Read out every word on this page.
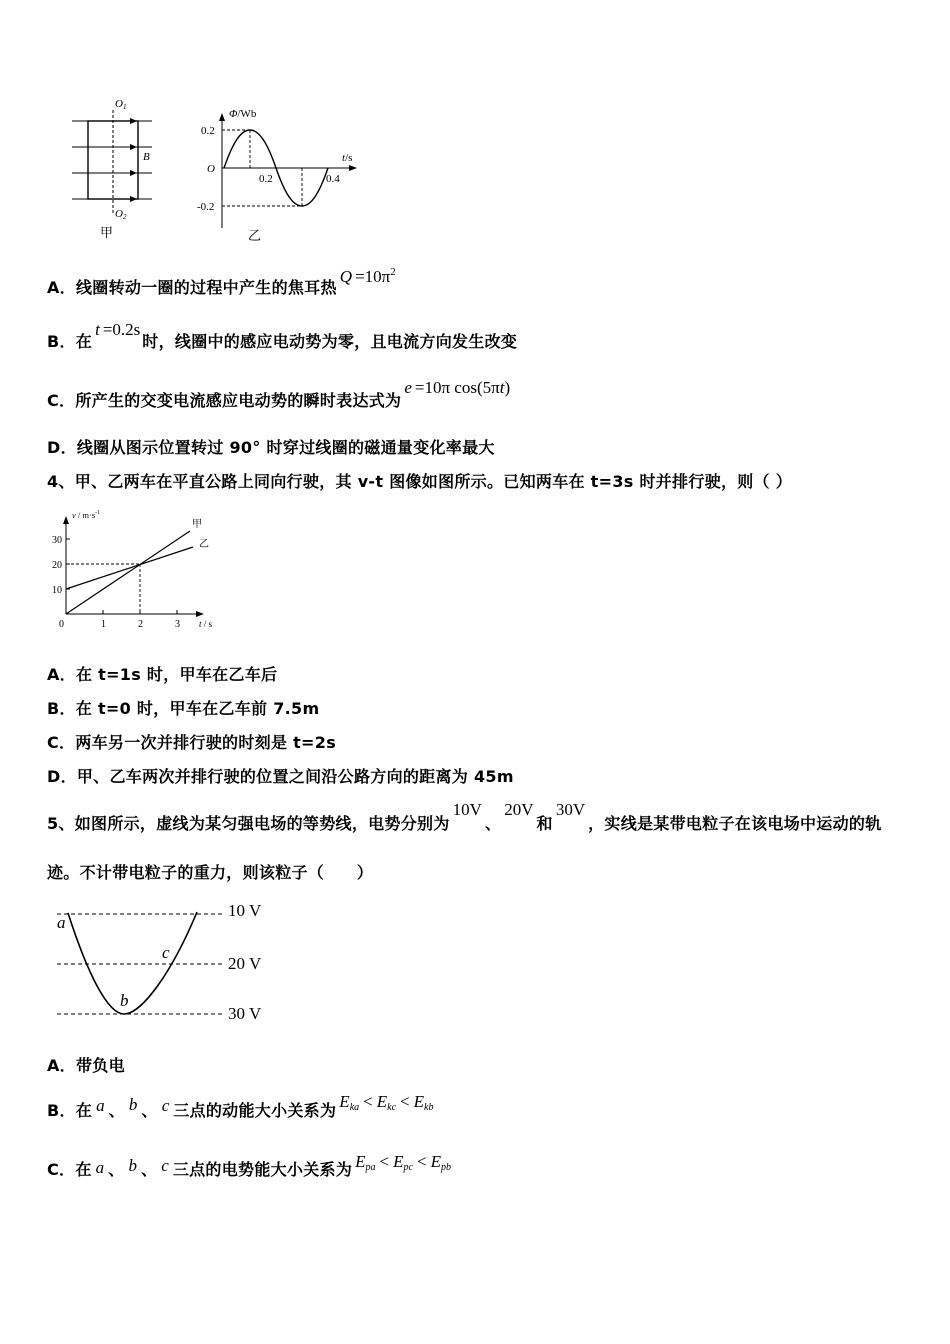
O1
O2
B
甲
Φ/Wb
t/s
O
0.2
-0.2
0.2	0.4
乙
A．线圈转动一圈的过程中产生的焦耳热$Q =10\pi^2$
B．在t =0.2s时，线圈中的感应电动势为零，且电流方向发生改变
C．所产生的交变电流感应电动势的瞬时表达式为e =10π cos(5πt)
D．线圈从图示位置转过 90° 时穿过线圈的磁通量变化率最大
4、甲、乙两车在平直公路上同向行驶，其 v-t 图像如图所示。已知两车在 t=3s 时并排行驶，则（ ）
$v / m\cdot s^{-1}$
t / s
10
20
30
0	1	2	3
甲
乙
A．在 t=1s 时，甲车在乙车后
B．在 t=0 时，甲车在乙车前 7.5m
C．两车另一次并排行驶的时刻是 t=2s
D．甲、乙车两次并排行驶的位置之间沿公路方向的距离为 45m
5、如图所示，虚线为某匀强电场的等势线，电势分别为10V、20V和30V，实线是某带电粒子在该电场中运动的轨
迹。不计带电粒子的重力，则该粒子（　　）
10 V
20 V
30 V
a
b
c
A．带负电
B．在 a 、 b 、 c 三点的动能大小关系为 $E_{ka} < E_{kc} < E_{kb}$
C．在 a 、 b 、 c 三点的电势能大小关系为 $E_{pa} < E_{pc} < E_{pb}$
